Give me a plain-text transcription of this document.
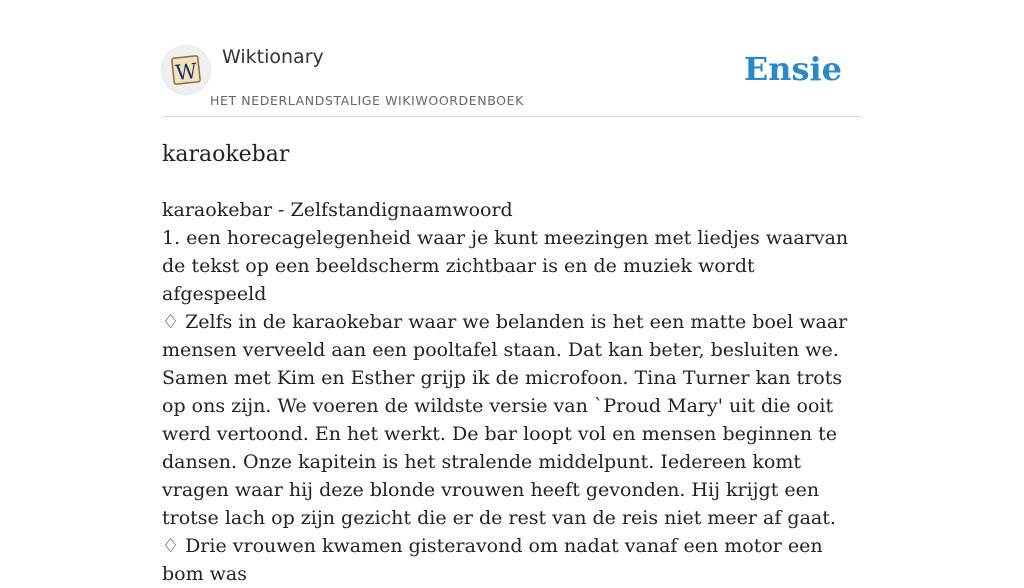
W
Wiktionary
HET NEDERLANDSTALIGE WIKIWOORDENBOEK
Ensie
karaokebar

karaokebar - Zelfstandignaamwoord

1. een horecagelegenheid waar je kunt meezingen met liedjes waarvan de tekst op een beeldscherm zichtbaar is en de muziek wordt afgespeeld

♢ Zelfs in de karaokebar waar we belanden is het een matte boel waar mensen verveeld aan een pooltafel staan. Dat kan beter, besluiten we. Samen met Kim en Esther grijp ik de microfoon. Tina Turner kan trots op ons zijn. We voeren de wildste versie van `Proud Mary' uit die ooit werd vertoond. En het werkt. De bar loopt vol en mensen beginnen te dansen. Onze kapitein is het stralende middelpunt. Iedereen komt vragen waar hij deze blonde vrouwen heeft gevonden. Hij krijgt een trotse lach op zijn gezicht die er de rest van de reis niet meer af gaat.

♢ Drie vrouwen kwamen gisteravond om nadat vanaf een motor een bom was
